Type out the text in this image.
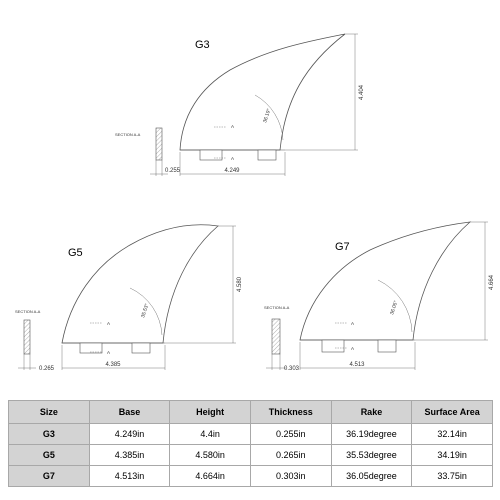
G3
A
A
36.19°
4.404
4.249
SECTION A-A
0.255
G5
A
A
35.53°
4.580
4.385
SECTION A-A
0.265
G7
A
A
36.05°
4.664
4.513
SECTION A-A
0.303
Size	Base	Height	Thickness	Rake	Surface Area
G3	4.249in	4.4in	0.255in	36.19degree	32.14in
G5	4.385in	4.580in	0.265in	35.53degree	34.19in
G7	4.513in	4.664in	0.303in	36.05degree	33.75in
